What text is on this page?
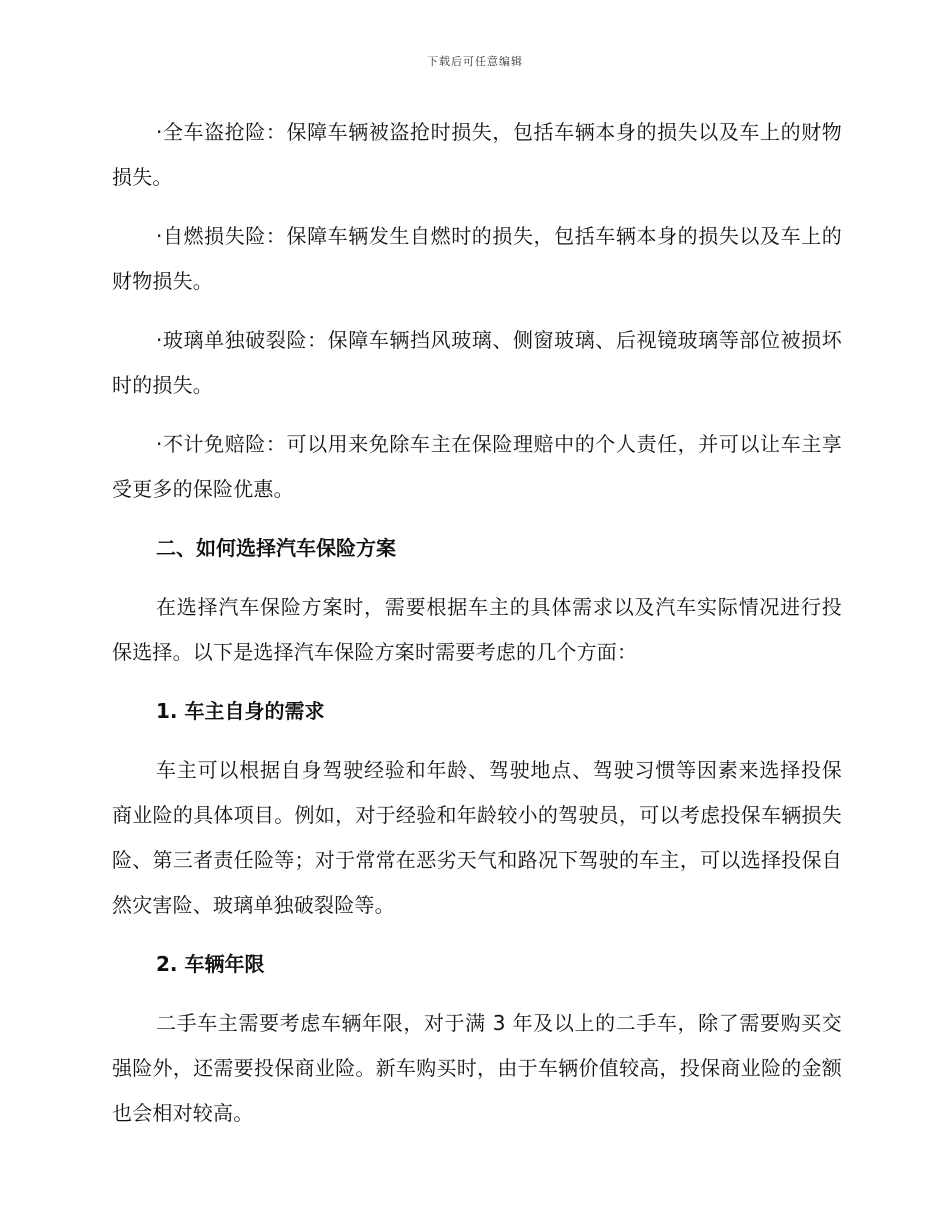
下载后可任意编辑

·全车盗抢险：保障车辆被盗抢时损失，包括车辆本身的损失以及车上的财物损失。

·自燃损失险：保障车辆发生自燃时的损失，包括车辆本身的损失以及车上的财物损失。

·玻璃单独破裂险：保障车辆挡风玻璃、侧窗玻璃、后视镜玻璃等部位被损坏时的损失。

·不计免赔险：可以用来免除车主在保险理赔中的个人责任，并可以让车主享受更多的保险优惠。

二、如何选择汽车保险方案

在选择汽车保险方案时，需要根据车主的具体需求以及汽车实际情况进行投保选择。以下是选择汽车保险方案时需要考虑的几个方面：

1. 车主自身的需求

车主可以根据自身驾驶经验和年龄、驾驶地点、驾驶习惯等因素来选择投保商业险的具体项目。例如，对于经验和年龄较小的驾驶员，可以考虑投保车辆损失险、第三者责任险等；对于常常在恶劣天气和路况下驾驶的车主，可以选择投保自然灾害险、玻璃单独破裂险等。

2. 车辆年限

二手车主需要考虑车辆年限，对于满 3 年及以上的二手车，除了需要购买交强险外，还需要投保商业险。新车购买时，由于车辆价值较高，投保商业险的金额也会相对较高。
